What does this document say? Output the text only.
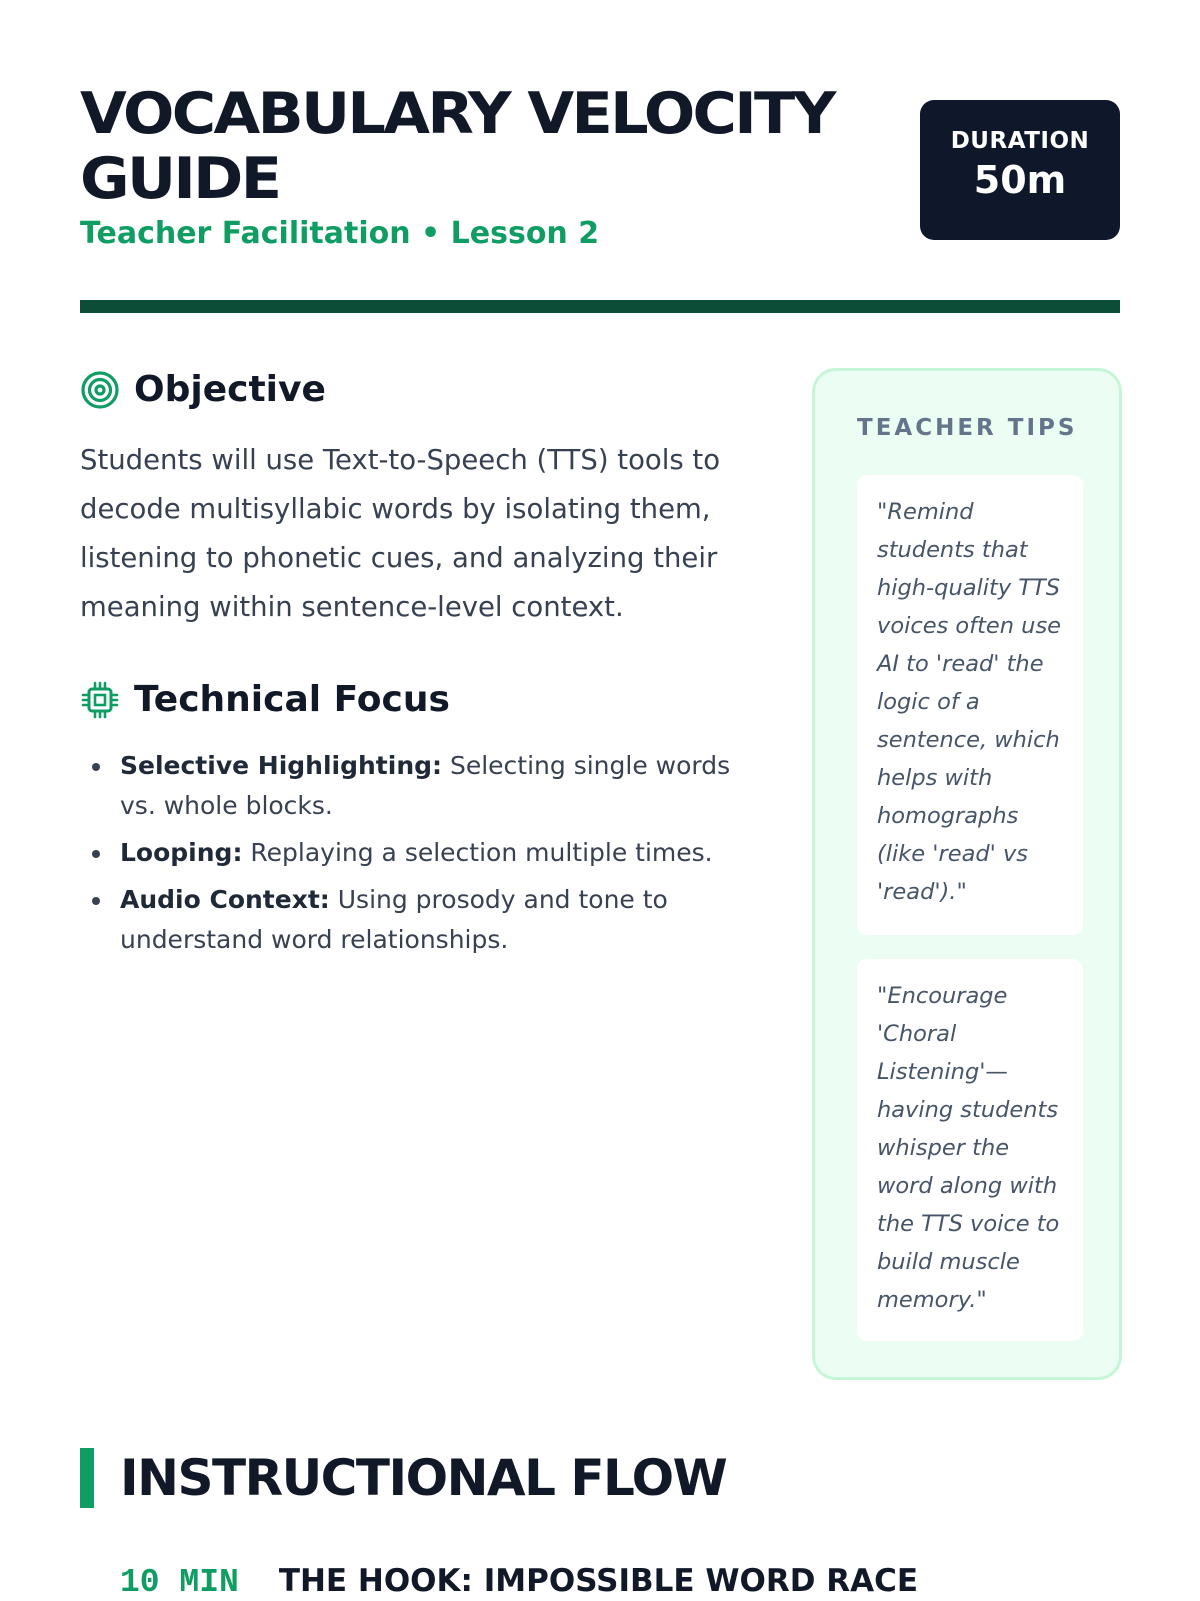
VOCABULARY VELOCITY GUIDE
Teacher Facilitation • Lesson 2
DURATION
50m
Objective

Students will use Text-to-Speech (TTS) tools to decode multisyllabic words by isolating them, listening to phonetic cues, and analyzing their meaning within sentence-level context.

Technical Focus
Selective Highlighting: Selecting single words vs. whole blocks.
Looping: Replaying a selection multiple times.
Audio Context: Using prosody and tone to understand word relationships.
TEACHER TIPS
"Remind students that high-quality TTS voices often use AI to 'read' the logic of a sentence, which helps with homographs (like 'read' vs 'read')."
"Encourage 'Choral Listening'—having students whisper the word along with the TTS voice to build muscle memory."
INSTRUCTIONAL FLOW
10 MIN THE HOOK: IMPOSSIBLE WORD RACE
